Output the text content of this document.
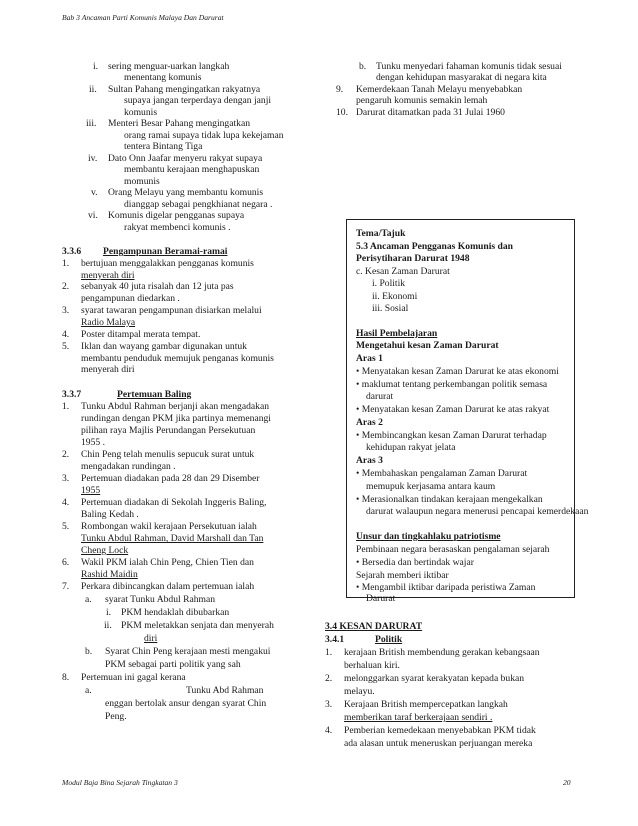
Bab 3 Ancaman Parti Komunis Malaya Dan Darurat
i. sering menguar-uarkan langkah
menentang komunis
ii. Sultan Pahang mengingatkan rakyatnya
supaya jangan terperdaya dengan janji
komunis
iii. Menteri Besar Pahang mengingatkan
orang ramai supaya tidak lupa kekejaman
tentera Bintang Tiga
iv. Dato Onn Jaafar menyeru rakyat supaya
membantu kerajaan menghapuskan
momunis
v. Orang Melayu yang membantu komunis
dianggap sebagai pengkhianat negara .
vi. Komunis digelar pengganas supaya
rakyat membenci komunis .
3.3.6 Pengampunan Beramai-ramai
1. bertujuan menggalakkan pengganas komunis
menyerah diri
2. sebanyak 40 juta risalah dan 12 juta pas
pengampunan diedarkan .
3. syarat tawaran pengampunan disiarkan melalui
Radio Malaya
4. Poster ditampal merata tempat.
5. Iklan dan wayang gambar digunakan untuk
membantu penduduk memujuk penganas komunis
menyerah diri
3.3.7	Pertemuan Baling
1. Tunku Abdul Rahman berjanji akan mengadakan
rundingan dengan PKM jika partinya memenangi
pilihan raya Majlis Perundangan Persekutuan
1955 .
2. Chin Peng telah menulis sepucuk surat untuk
mengadakan rundingan .
3. Pertemuan diadakan pada 28 dan 29 Disember
1955
4. Pertemuan diadakan di Sekolah Inggeris Baling,
Baling Kedah .
5. Rombongan wakil kerajaan Persekutuan ialah
Tunku Abdul Rahman, David Marshall dan Tan
Cheng Lock
6. Wakil PKM ialah Chin Peng, Chien Tien dan
Rashid Maidin
7. Perkara dibincangkan dalam pertemuan ialah
a. syarat Tunku Abdul Rahman
i. PKM hendaklah dibubarkan
ii. PKM meletakkan senjata dan menyerah
diri
b. Syarat Chin Peng kerajaan mesti mengakui
PKM sebagai parti politik yang sah
8. Pertemuan ini gagal kerana
a.	Tunku Abd Rahman
enggan bertolak ansur dengan syarat Chin
Peng.
b. Tunku menyedari fahaman komunis tidak sesuai
dengan kehidupan masyarakat di negara kita
9. Kemerdekaan Tanah Melayu menyebabkan
pengaruh komunis semakin lemah
10. Darurat ditamatkan pada 31 Julai 1960
Tema/Tajuk
5.3 Ancaman Pengganas Komunis dan
Perisytiharan Darurat 1948
c. Kesan Zaman Darurat
i. Politik
ii. Ekonomi
iii. Sosial
Hasil Pembelajaran
Mengetahui kesan Zaman Darurat
Aras 1
• Menyatakan kesan Zaman Darurat ke atas ekonomi
• maklumat tentang perkembangan politik semasa
darurat
• Menyatakan kesan Zaman Darurat ke atas rakyat
Aras 2
• Membincangkan kesan Zaman Darurat terhadap
kehidupan rakyat jelata
Aras 3
• Membahaskan pengalaman Zaman Darurat
memupuk kerjasama antara kaum
• Merasionalkan tindakan kerajaan mengekalkan
darurat walaupun negara menerusi pencapai kemerdekaan
Unsur dan tingkahlaku patriotisme
Pembinaan negara berasaskan pengalaman sejarah
• Bersedia dan bertindak wajar
Sejarah memberi iktibar
• Mengambil iktibar daripada peristiwa Zaman
Darurat
3.4 KESAN DARURAT
3.4.1	Politik
1. kerajaan British membendung gerakan kebangsaan
berhaluan kiri.
2. melonggarkan syarat kerakyatan kepada bukan
melayu.
3. Kerajaan British mempercepatkan langkah
memberikan taraf berkerajaan sendiri .
4. Pemberian kemedekaan menyebabkan PKM tidak
ada alasan untuk meneruskan perjuangan mereka
Modul Baja Bina Sejarah Tingkatan 3	20
